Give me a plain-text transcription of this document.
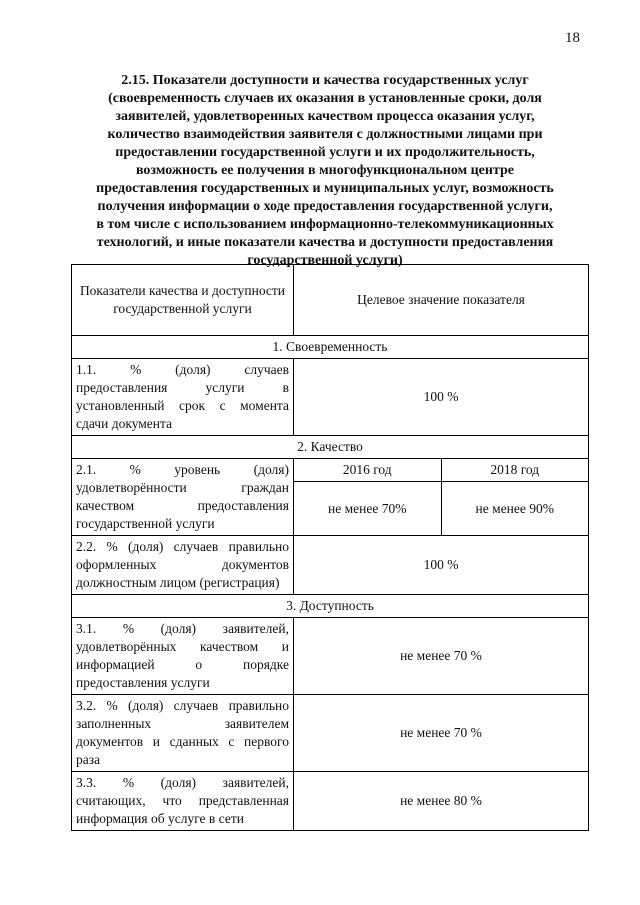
18
2.15. Показатели доступности и качества государственных услуг
(своевременность случаев их оказания в установленные сроки, доля
заявителей, удовлетворенных качеством процесса оказания услуг,
количество взаимодействия заявителя с должностными лицами при
предоставлении государственной услуги и их продолжительность,
возможность ее получения в многофункциональном центре
предоставления государственных и муниципальных услуг, возможность
получения информации о ходе предоставления государственной услуги,
в том числе с использованием информационно-телекоммуникационных
технологий, и иные показатели качества и доступности предоставления
государственной услуги)
Показатели качества и доступности государственной услуги	Целевое значение показателя	
1. Своевременность		
1.1. % (доля) случаев предоставления услуги в установленный срок с момента сдачи документа	100 %	
2. Качество		
2.1. % уровень (доля) удовлетворённости граждан качеством предоставления государственной услуги	2016 год	2018 год
	не менее 70%	не менее 90%
2.2. % (доля) случаев правильно оформленных документов должностным лицом (регистрация)	100 %	
3. Доступность		
3.1. % (доля) заявителей, удовлетворённых качеством и информацией о порядке предоставления услуги	не менее 70 %	
3.2. % (доля) случаев правильно заполненных заявителем документов и сданных с первого раза	не менее 70 %	
3.3. % (доля) заявителей, считающих, что представленная информация об услуге в сети	не менее 80 %	
